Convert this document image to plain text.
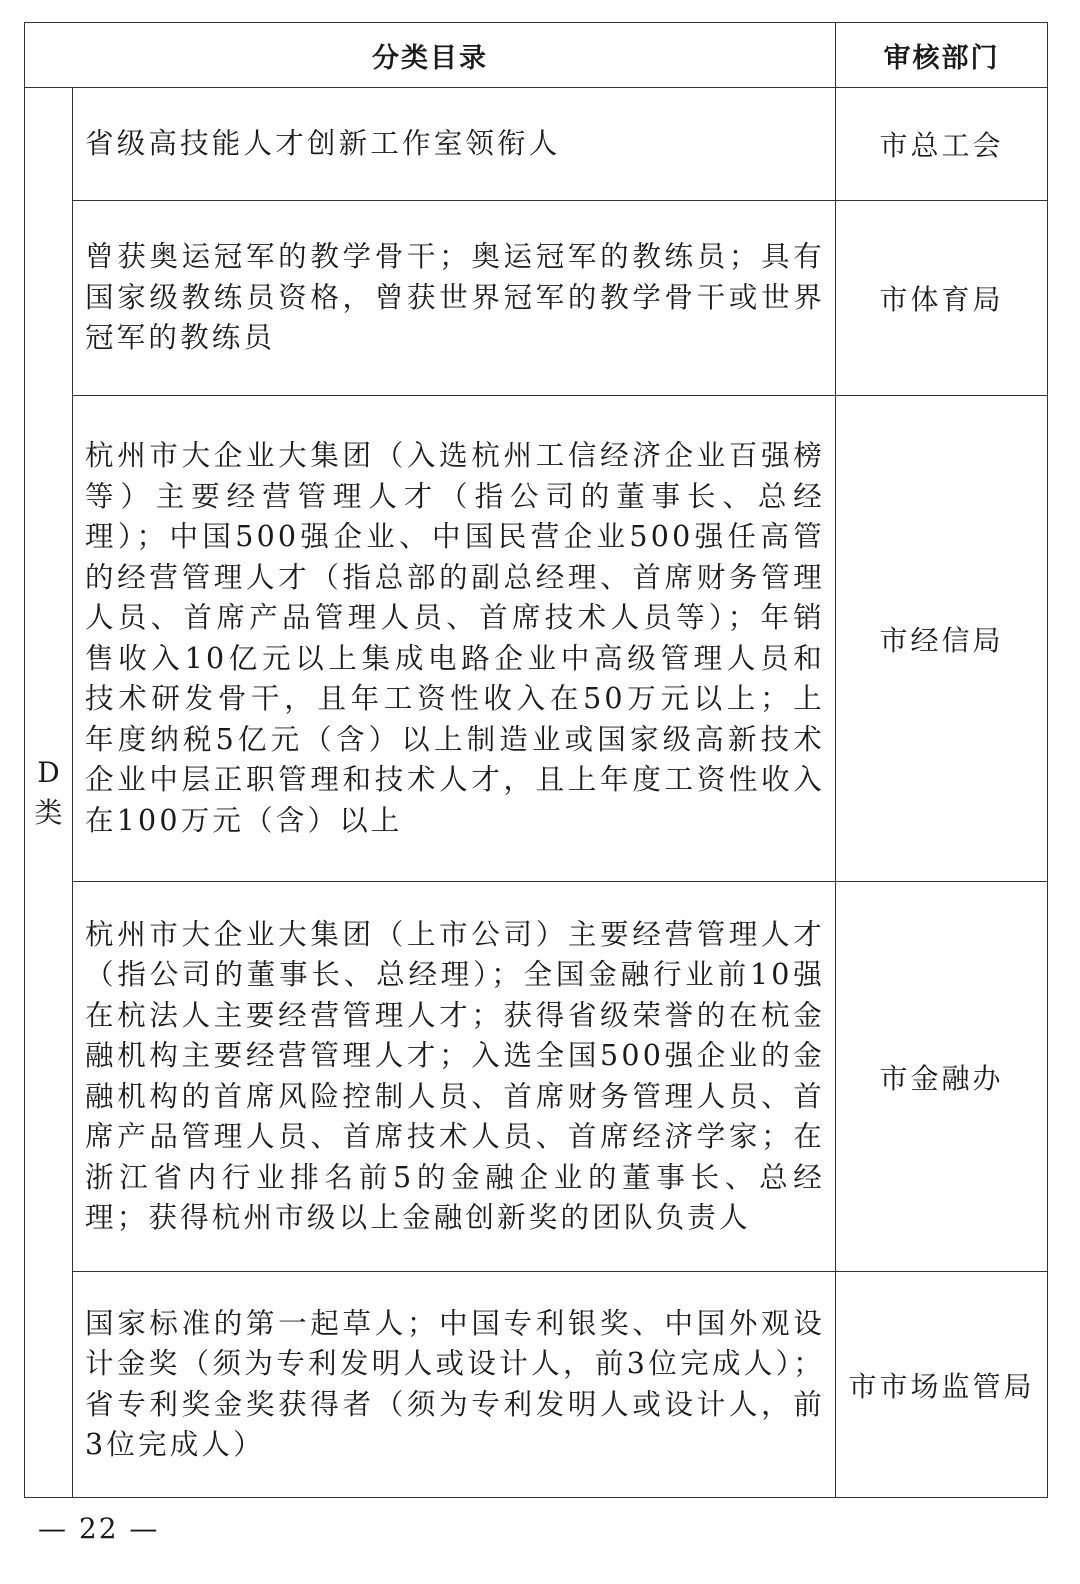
分类目录		审核部门

D
类	省级高技能人才创新工作室领衔人	市总工会
	曾获奥运冠军的教学骨干；奥运冠军的教练员；具有国家级教练员资格，曾获世界冠军的教学骨干或世界冠军的教练员	市体育局
	杭州市大企业大集团（入选杭州工信经济企业百强榜等）主要经营管理人才（指公司的董事长、总经理）；中国500强企业、中国民营企业500强任高管的经营管理人才（指总部的副总经理、首席财务管理人员、首席产品管理人员、首席技术人员等）；年销售收入10亿元以上集成电路企业中高级管理人员和技术研发骨干，且年工资性收入在50万元以上；上年度纳税5亿元（含）以上制造业或国家级高新技术企业中层正职管理和技术人才，且上年度工资性收入在100万元（含）以上	市经信局
	杭州市大企业大集团（上市公司）主要经营管理人才（指公司的董事长、总经理）；全国金融行业前10强在杭法人主要经营管理人才；获得省级荣誉的在杭金融机构主要经营管理人才；入选全国500强企业的金融机构的首席风险控制人员、首席财务管理人员、首席产品管理人员、首席技术人员、首席经济学家；在浙江省内行业排名前5的金融企业的董事长、总经理；获得杭州市级以上金融创新奖的团队负责人	市金融办
	国家标准的第一起草人；中国专利银奖、中国外观设计金奖（须为专利发明人或设计人，前3位完成人）；省专利奖金奖获得者（须为专利发明人或设计人，前3位完成人）	市市场监管局
— 22 —
